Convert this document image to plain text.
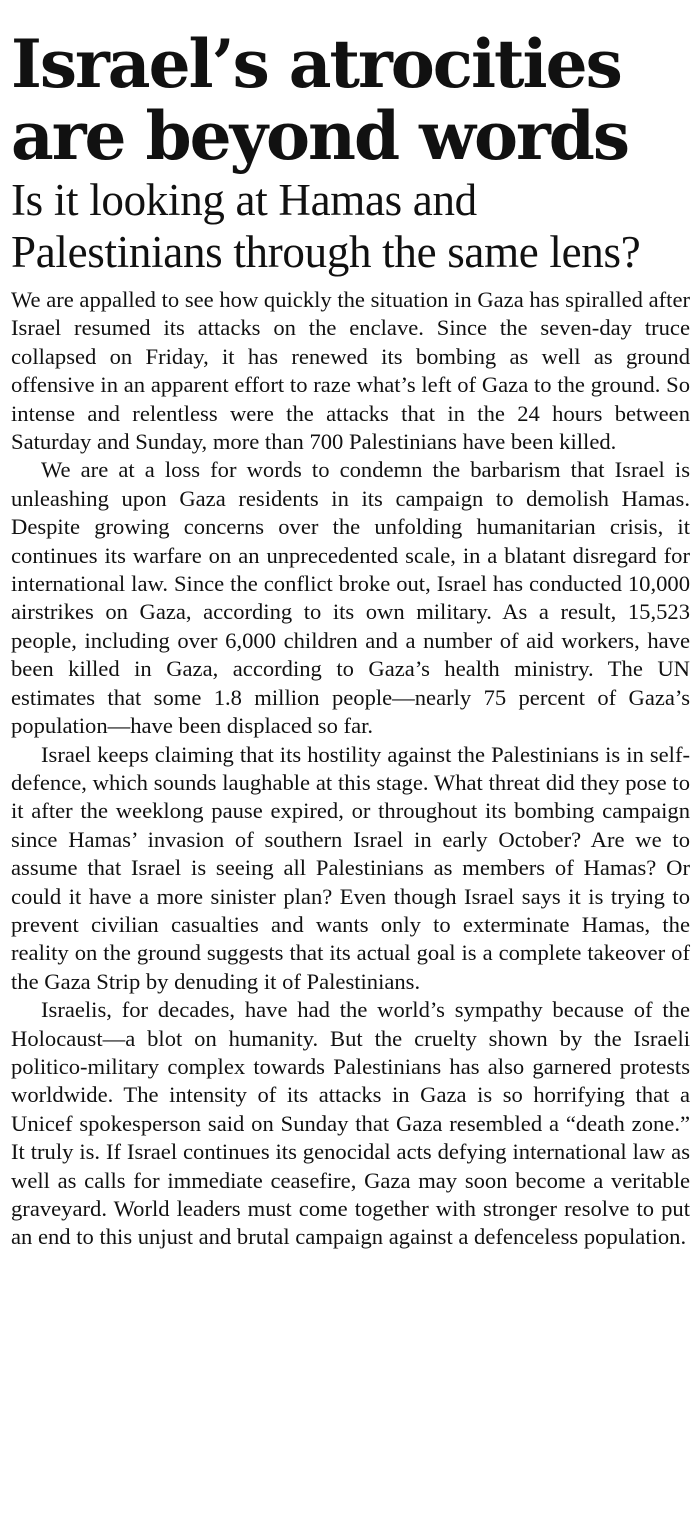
Israel’s atrocities are beyond words
Is it looking at Hamas and Palestinians through the same lens?

We are appalled to see how quickly the situation in Gaza has spiralled after Israel resumed its attacks on the enclave. Since the seven-day truce collapsed on Friday, it has renewed its bombing as well as ground offensive in an apparent effort to raze what’s left of Gaza to the ground. So intense and relentless were the attacks that in the 24 hours between Saturday and Sunday, more than 700 Palestinians have been killed.

We are at a loss for words to condemn the barbarism that Israel is unleashing upon Gaza residents in its campaign to demolish Hamas. Despite growing concerns over the unfolding humanitarian crisis, it continues its warfare on an unprecedented scale, in a blatant disregard for international law. Since the conflict broke out, Israel has conducted 10,000 airstrikes on Gaza, according to its own military. As a result, 15,523 people, including over 6,000 children and a number of aid workers, have been killed in Gaza, according to Gaza’s health ministry. The UN estimates that some 1.8 million people—nearly 75 percent of Gaza’s population—have been displaced so far.

Israel keeps claiming that its hostility against the Palestinians is in self-defence, which sounds laughable at this stage. What threat did they pose to it after the weeklong pause expired, or throughout its bombing campaign since Hamas’ invasion of southern Israel in early October? Are we to assume that Israel is seeing all Palestinians as members of Hamas? Or could it have a more sinister plan? Even though Israel says it is trying to prevent civilian casualties and wants only to exterminate Hamas, the reality on the ground suggests that its actual goal is a complete takeover of the Gaza Strip by denuding it of Palestinians.

Israelis, for decades, have had the world’s sympathy because of the Holocaust—a blot on humanity. But the cruelty shown by the Israeli politico-military complex towards Palestinians has also garnered protests worldwide. The intensity of its attacks in Gaza is so horrifying that a Unicef spokesperson said on Sunday that Gaza resembled a “death zone.” It truly is. If Israel continues its genocidal acts defying international law as well as calls for immediate ceasefire, Gaza may soon become a veritable graveyard. World leaders must come together with stronger resolve to put an end to this unjust and brutal campaign against a defenceless population.
